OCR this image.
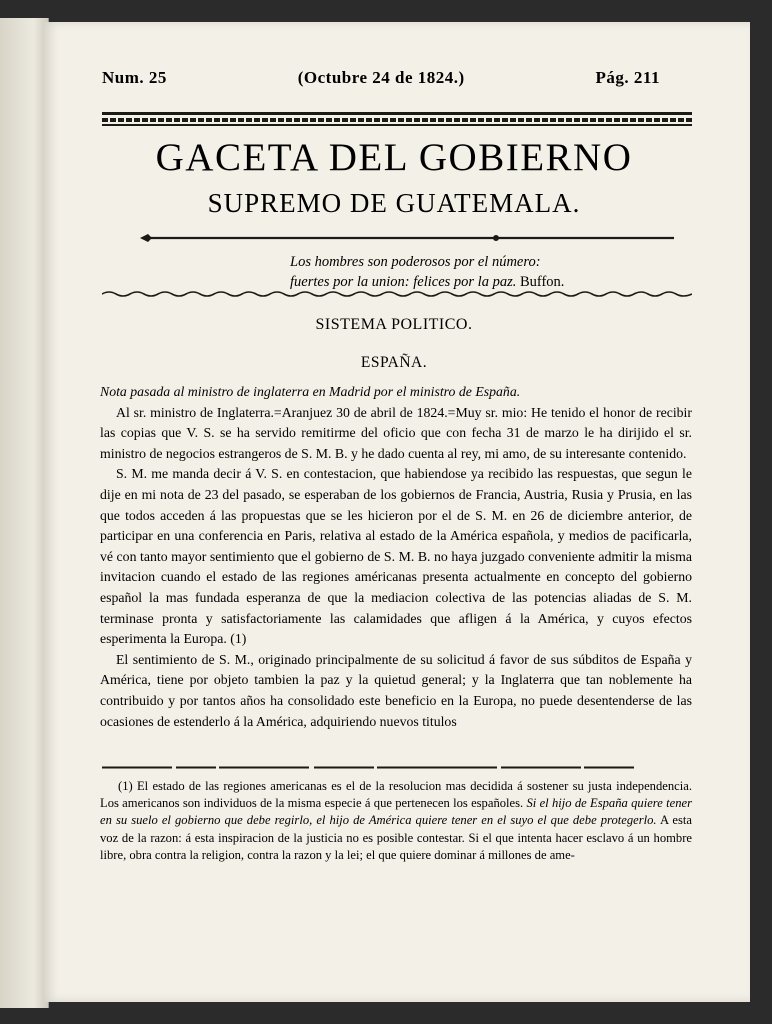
Num. 25	(Octubre 24 de 1824.)	Pág. 211
GACETA DEL GOBIERNO
SUPREMO DE GUATEMALA.
Los hombres son poderosos por el número:
fuertes por la union: felices por la paz. Buffon.
SISTEMA POLITICO.
ESPAÑA.

Nota pasada al ministro de inglaterra en Madrid por el ministro de España.

Al sr. ministro de Inglaterra.=Aranjuez 30 de abril de 1824.=Muy sr. mio: He tenido el honor de recibir las copias que V. S. se ha servido remitirme del oficio que con fecha 31 de marzo le ha dirijido el sr. ministro de negocios estrangeros de S. M. B. y he dado cuenta al rey, mi amo, de su interesante contenido.

S. M. me manda decir á V. S. en contestacion, que habiendose ya recibido las respuestas, que segun le dije en mi nota de 23 del pasado, se esperaban de los gobiernos de Francia, Austria, Rusia y Prusia, en las que todos acceden á las propuestas que se les hicieron por el de S. M. en 26 de diciembre anterior, de participar en una conferencia en Paris, relativa al estado de la América española, y medios de pacificarla, vé con tanto mayor sentimiento que el gobierno de S. M. B. no haya juzgado conveniente admitir la misma invitacion cuando el estado de las regiones américanas presenta actualmente en concepto del gobierno español la mas fundada esperanza de que la mediacion colectiva de las potencias aliadas de S. M. terminase pronta y satisfactoriamente las calamidades que afligen á la América, y cuyos efectos esperimenta la Europa. (1)

El sentimiento de S. M., originado principalmente de su solicitud á favor de sus súbditos de España y América, tiene por objeto tambien la paz y la quietud general; y la Inglaterra que tan noblemente ha contribuido y por tantos años ha consolidado este beneficio en la Europa, no puede desentenderse de las ocasiones de estenderlo á la América, adquiriendo nuevos titulos

(1) El estado de las regiones americanas es el de la resolucion mas decidida á sostener su justa independencia. Los americanos son individuos de la misma especie á que pertenecen los españoles. Si el hijo de España quiere tener en su suelo el gobierno que debe regirlo, el hijo de América quiere tener en el suyo el que debe protegerlo. A esta voz de la razon: á esta inspiracion de la justicia no es posible contestar. Si el que intenta hacer esclavo á un hombre libre, obra contra la religion, contra la razon y la lei; el que quiere dominar á millones de ame-
